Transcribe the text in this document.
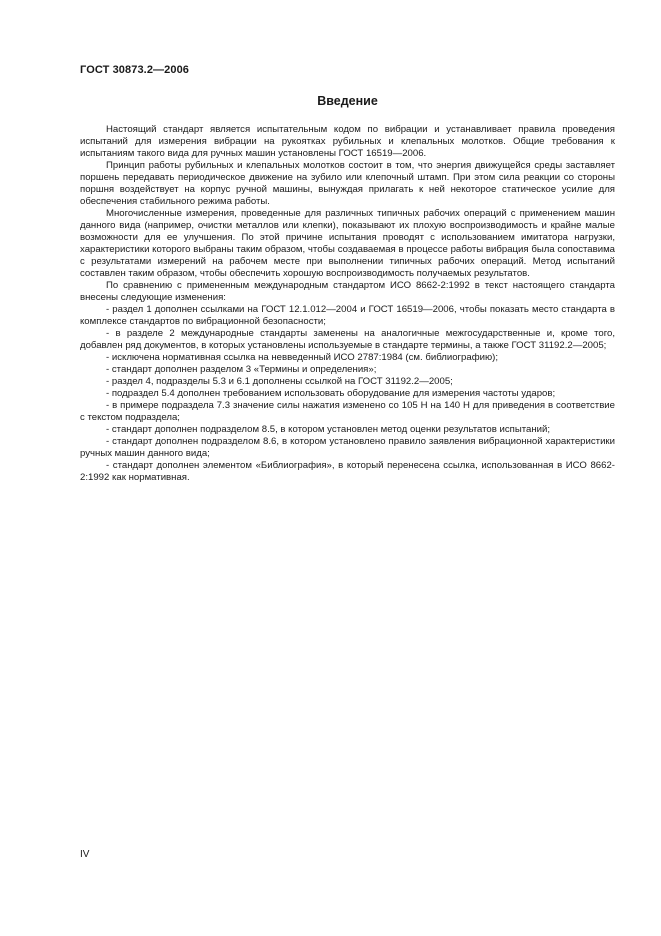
ГОСТ 30873.2—2006
Введение

Настоящий стандарт является испытательным кодом по вибрации и устанавливает правила проведения испытаний для измерения вибрации на рукоятках рубильных и клепальных молотков. Общие требования к испытаниям такого вида для ручных машин установлены ГОСТ 16519—2006.

Принцип работы рубильных и клепальных молотков состоит в том, что энергия движущейся среды заставляет поршень передавать периодическое движение на зубило или клепочный штамп. При этом сила реакции со стороны поршня воздействует на корпус ручной машины, вынуждая прилагать к ней некоторое статическое усилие для обеспечения стабильного режима работы.

Многочисленные измерения, проведенные для различных типичных рабочих операций с применением машин данного вида (например, очистки металлов или клепки), показывают их плохую воспроизводимость и крайне малые возможности для ее улучшения. По этой причине испытания проводят с использованием имитатора нагрузки, характеристики которого выбраны таким образом, чтобы создаваемая в процессе работы вибрация была сопоставима с результатами измерений на рабочем месте при выполнении типичных рабочих операций. Метод испытаний составлен таким образом, чтобы обеспечить хорошую воспроизводимость получаемых результатов.

По сравнению с примененным международным стандартом ИСО 8662-2:1992 в текст настоящего стандарта внесены следующие изменения:

- раздел 1 дополнен ссылками на ГОСТ 12.1.012—2004 и ГОСТ 16519—2006, чтобы показать место стандарта в комплексе стандартов по вибрационной безопасности;

- в разделе 2 международные стандарты заменены на аналогичные межгосударственные и, кроме того, добавлен ряд документов, в которых установлены используемые в стандарте термины, а также ГОСТ 31192.2—2005;

- исключена нормативная ссылка на невведенный ИСО 2787:1984 (см. библиографию);

- стандарт дополнен разделом 3 «Термины и определения»;

- раздел 4, подразделы 5.3 и 6.1 дополнены ссылкой на ГОСТ 31192.2—2005;

- подраздел 5.4 дополнен требованием использовать оборудование для измерения частоты ударов;

- в примере подраздела 7.3 значение силы нажатия изменено со 105 Н на 140 Н для приведения в соответствие с текстом подраздела;

- стандарт дополнен подразделом 8.5, в котором установлен метод оценки результатов испытаний;

- стандарт дополнен подразделом 8.6, в котором установлено правило заявления вибрационной характеристики ручных машин данного вида;

- стандарт дополнен элементом «Библиография», в который перенесена ссылка, использованная в ИСО 8662-2:1992 как нормативная.

IV
